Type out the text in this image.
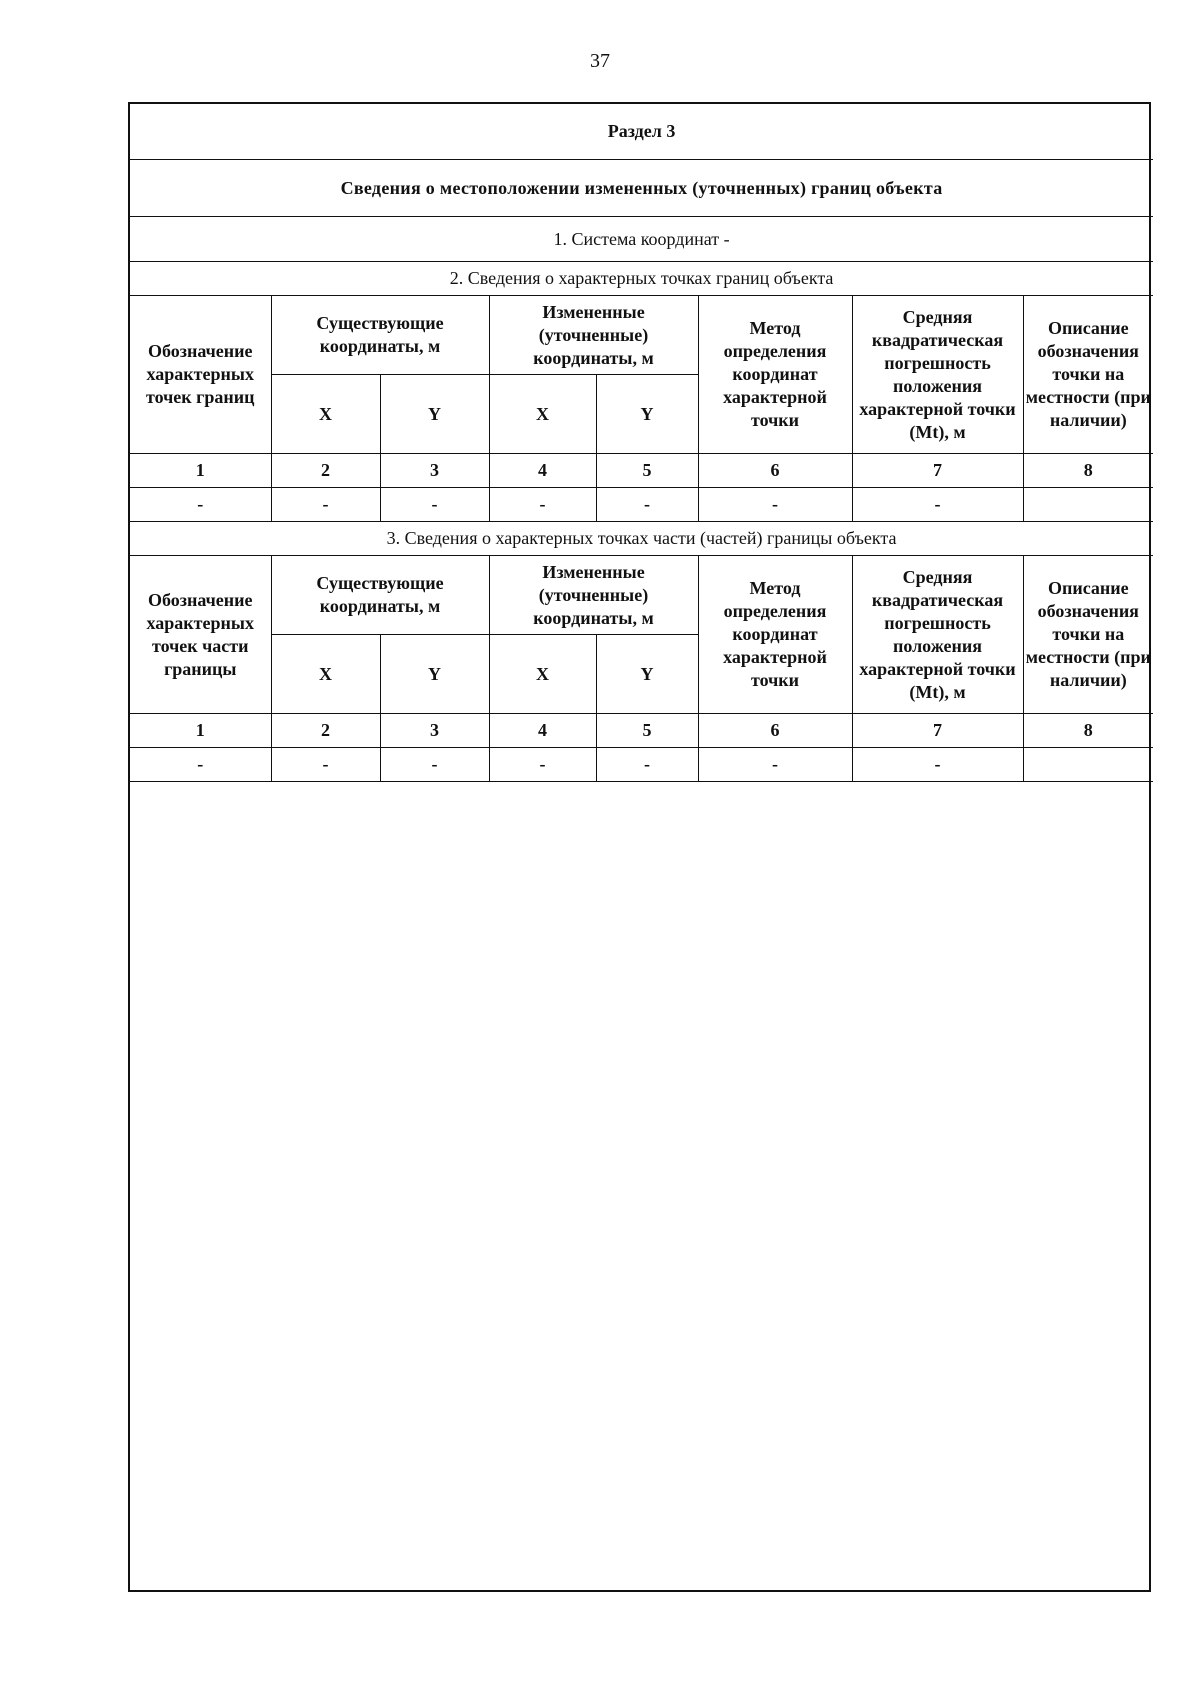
37
Раздел 3							
Сведения о местоположении измененных (уточненных) границ объекта							
1. Система координат -							
2. Сведения о характерных точках границ объекта							
Обозначение характерных точек границ	Существующие координаты, м		Измененные (уточненные) координаты, м		Метод определения координат характерной точки	Средняя квадратическая погрешность положения характерной точки (Mt), м	Описание обозначения точки на местности (при наличии)
	X	Y	X	Y			
1	2	3	4	5	6	7	8
-	-	-	-	-	-	-	
3. Сведения о характерных точках части (частей) границы объекта							
Обозначение характерных точек части границы	Существующие координаты, м		Измененные (уточненные) координаты, м		Метод определения координат характерной точки	Средняя квадратическая погрешность положения характерной точки (Mt), м	Описание обозначения точки на местности (при наличии)
	X	Y	X	Y			
1	2	3	4	5	6	7	8
-	-	-	-	-	-	-	
